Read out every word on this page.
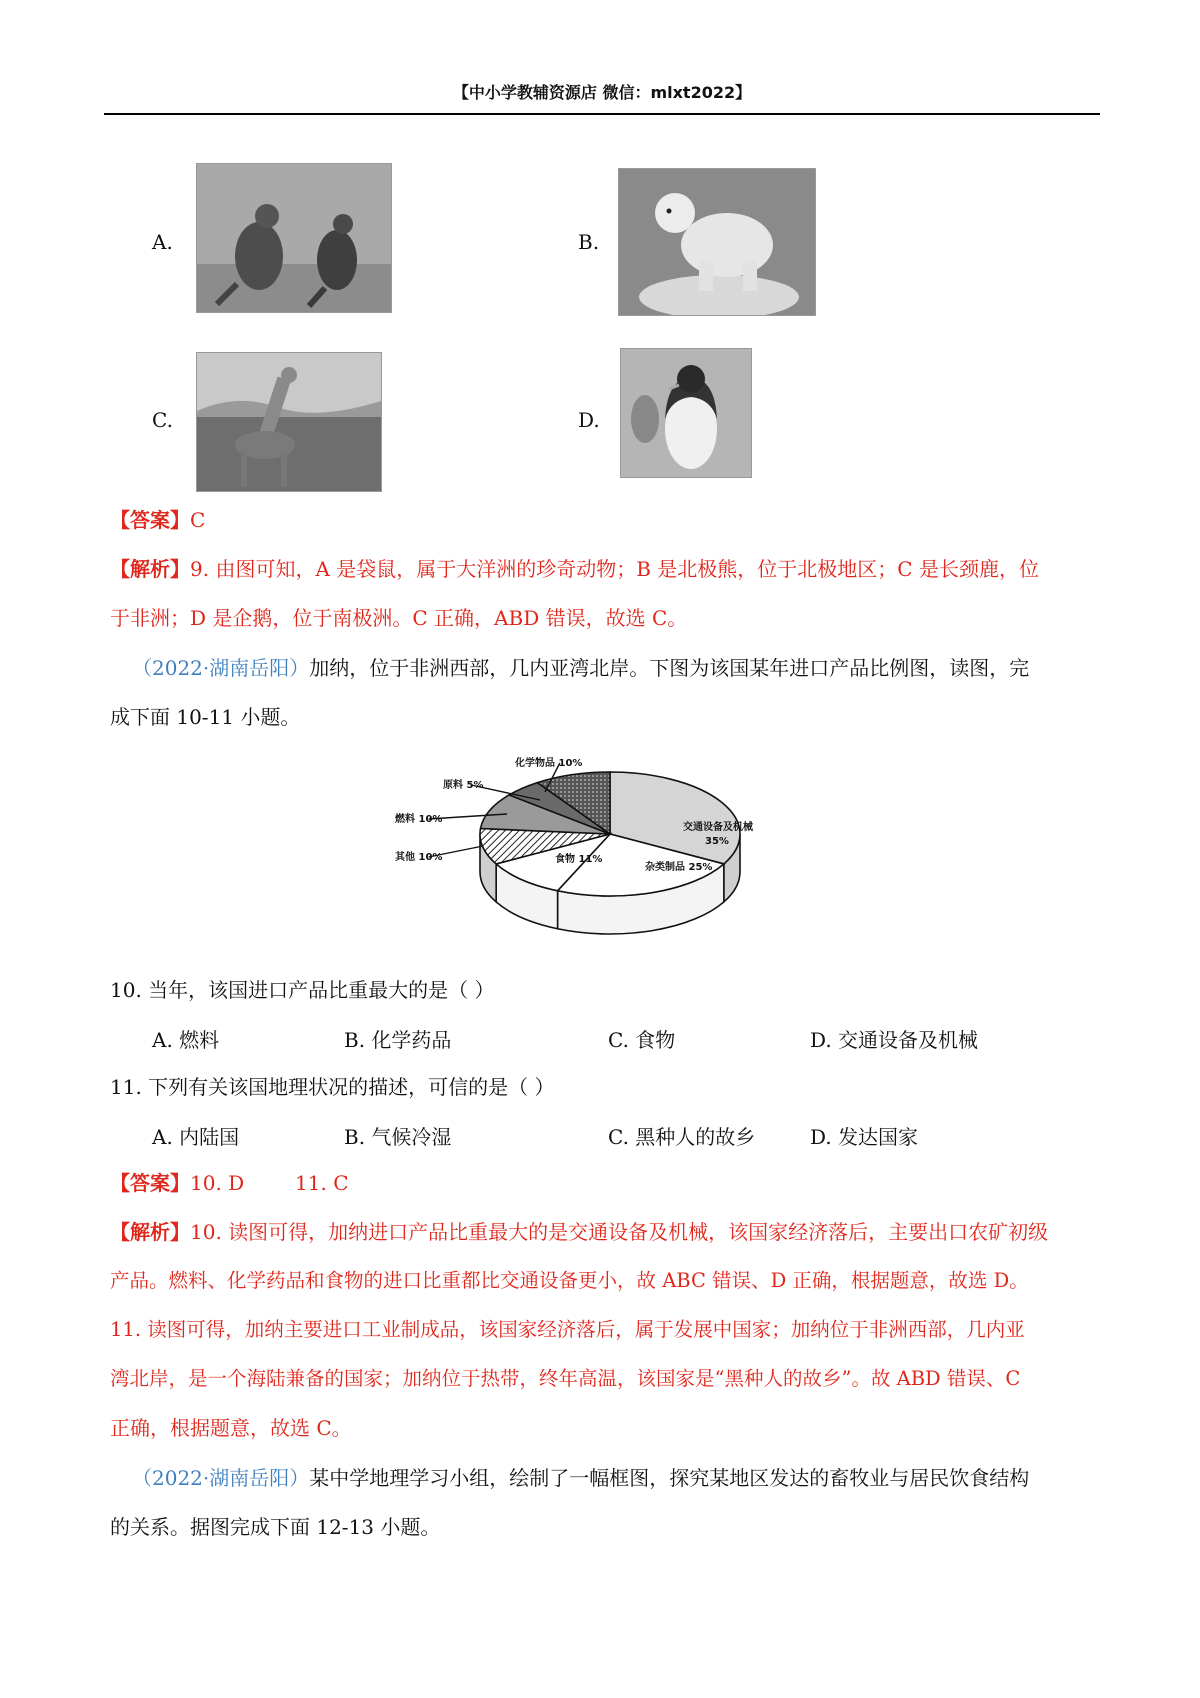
【中小学教辅资源店 微信：mlxt2022】
A.	B.
C.	D.
【答案】C
【解析】9. 由图可知，A 是袋鼠，属于大洋洲的珍奇动物；B 是北极熊，位于北极地区；C 是长颈鹿，位
于非洲；D 是企鹅，位于南极洲。C 正确，ABD 错误，故选 C。
（2022·湖南岳阳）加纳，位于非洲西部，几内亚湾北岸。下图为该国某年进口产品比例图，读图，完
成下面 10-11 小题。
交通设备及机械 35%
杂类制品 25%
食物 11%
其他 10%
燃料 10%
原料 5%
化学物品 10%
10. 当年，该国进口产品比重最大的是（ ）
A. 燃料	B. 化学药品	C. 食物	D. 交通设备及机械
11. 下列有关该国地理状况的描述，可信的是（ ）
A. 内陆国	B. 气候冷湿	C. 黑种人的故乡	D. 发达国家
【答案】10. D        11. C
【解析】10. 读图可得，加纳进口产品比重最大的是交通设备及机械，该国家经济落后，主要出口农矿初级
产品。燃料、化学药品和食物的进口比重都比交通设备更小，故 ABC 错误、D 正确，根据题意，故选 D。
11. 读图可得，加纳主要进口工业制成品，该国家经济落后，属于发展中国家；加纳位于非洲西部，几内亚
湾北岸，是一个海陆兼备的国家；加纳位于热带，终年高温，该国家是“黑种人的故乡”。故 ABD 错误、C
正确，根据题意，故选 C。
（2022·湖南岳阳）某中学地理学习小组，绘制了一幅框图，探究某地区发达的畜牧业与居民饮食结构
的关系。据图完成下面 12-13 小题。
